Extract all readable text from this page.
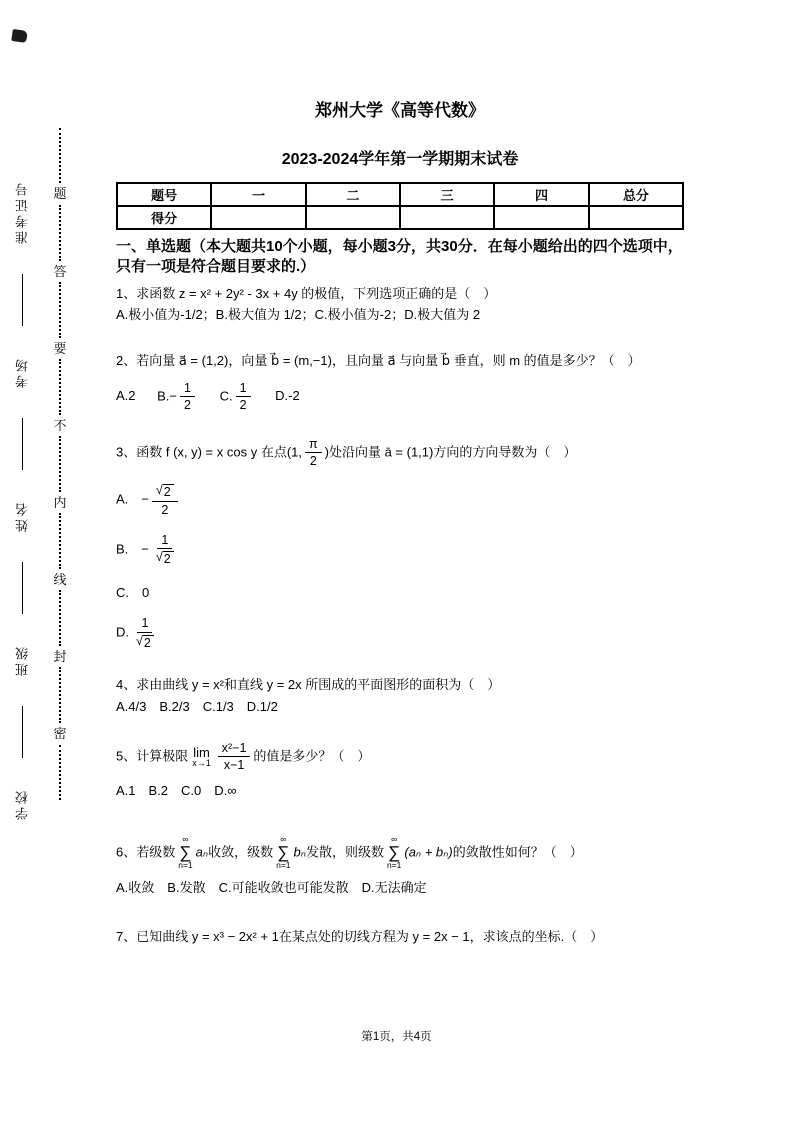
准考证号
考场
姓名
班级
学校
题
答
要
不
内
线
封
密
郑州大学《高等代数》
2023-2024学年第一学期期末试卷
题号	一	二	三	四	总分
得分					
一、单选题（本大题共10个小题，每小题3分，共30分．在每小题给出的四个选项中，只有一项是符合题目要求的.）
1、求函数 z = x² + 2y² - 3x + 4y 的极值，下列选项正确的是（　）
A.极小值为-1/2；B.极大值为 1/2；C.极小值为-2；D.极大值为 2
2、若向量 a⃗ = (1,2)，向量 b⃗ = (m,−1)，且向量 a⃗ 与向量 b⃗ 垂直，则 m 的值是多少？（　）
A.2 $B.- \frac{1}{2} C$. $\frac{1}{2} D.-2$
3、函数 f (x, y) = x cos y 在点(1, $\frac{\pi}{2}$ )处沿向量 ā = (1,1)方向的方向导数为（　）
A.　− $\frac{√ 2}{2}$
B.　− $\frac{1}{√ 2}$
C.　0
D. $\frac{1}{√ 2}$
4、求由曲线 y = x²和直线 y = 2x 所围成的平面图形的面积为（　）
A.4/3　B.2/3　C.1/3　D.1/2
5、计算极限 lim
$x\to 1 \frac{\text{x²−1}}{x-1}$ 的值是多少？（　）
A.1　B.2　C.0　D.∞
6、若级数
∞
∑
n=1
aₙ收敛，级数
∞
∑
n=1
bₙ发散，则级数
∞
∑
n=1
(aₙ + bₙ)的敛散性如何？（　）
A.收敛　B.发散　C.可能收敛也可能发散　D.无法确定
7、已知曲线 y = x³ − 2x² + 1在某点处的切线方程为 y = 2x − 1，求该点的坐标.（　）
第1页，共4页
